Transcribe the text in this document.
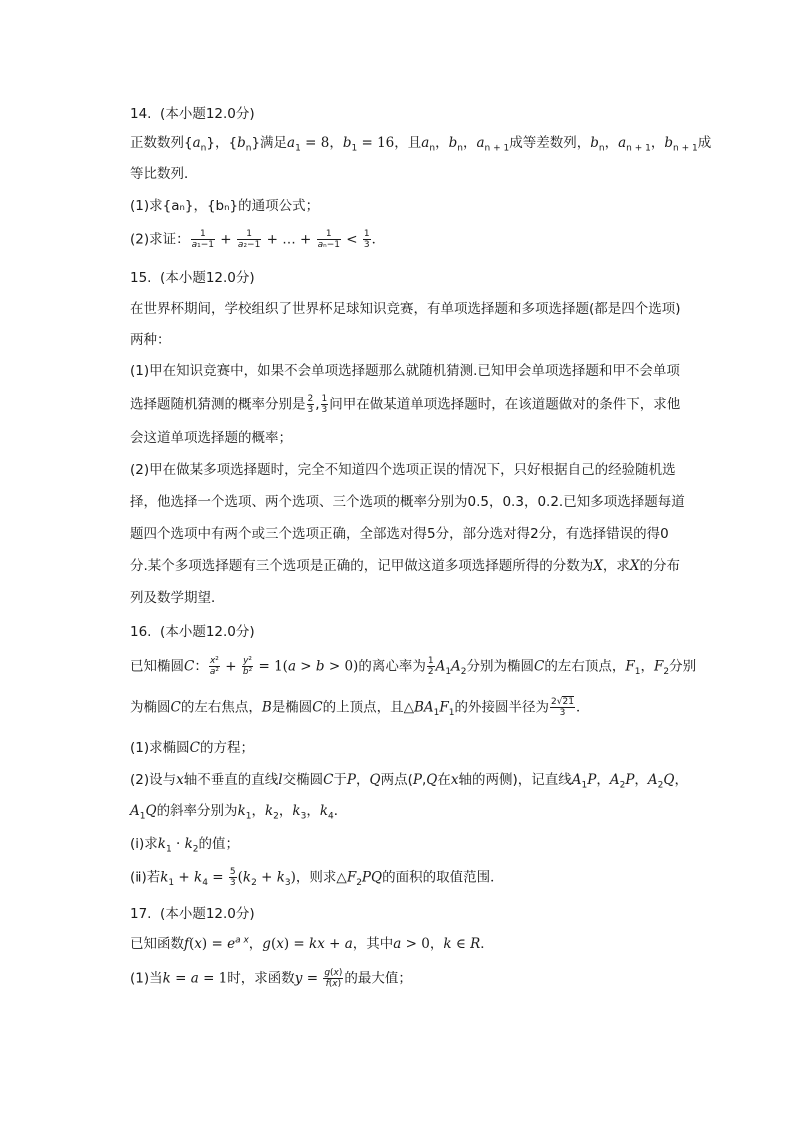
14.  (本小题12.0分)
正数数列$\{a_n\}$，$\{b_n\}$满足$a_1 = 8$，$b_1 = 16$，且$a_n$，$b_n$，$a_{n + 1}$成等差数列，$b_n$，$a_{n + 1}$，$b_{n + 1}$成
等比数列．
(1)求{aₙ}，{bₙ}的通项公式；
(2)求证： $\frac{1}{\text{a₁−1}} + \frac{1}{\text{a₂−1}}$ + … + $\frac{1}{\text{aₙ−1}} < \frac{1}{3}$ ．
15.  (本小题12.0分)
在世界杯期间，学校组织了世界杯足球知识竞赛，有单项选择题和多项选择题(都是四个选项)
两种：
(1)甲在知识竞赛中，如果不会单项选择题那么就随机猜测.已知甲会单项选择题和甲不会单项
选择题随机猜测的概率分别是 $\frac{2}{3}$ , $\frac{1}{3}$ 问甲在做某道单项选择题时，在该道题做对的条件下，求他
会这道单项选择题的概率；
(2)甲在做某多项选择题时，完全不知道四个选项正误的情况下，只好根据自己的经验随机选
择，他选择一个选项、两个选项、三个选项的概率分别为0.5，0.3，0.2.已知多项选择题每道
题四个选项中有两个或三个选项正确，全部选对得5分，部分选对得2分，有选择错误的得0
分.某个多项选择题有三个选项是正确的，记甲做这道多项选择题所得的分数为X，求X的分布
列及数学期望．
16.  (本小题12.0分)
已知椭圆C： $\frac{\text{x²}}{\text{a²}} + \frac{\text{y²}}{\text{b²}} = 1(a > b > 0)$的离心率为 $\frac{1}{2} A_1A_2$分别为椭圆C的左右顶点，$F_1$，$F_2$分别
为椭圆C的左右焦点，B是椭圆C的上顶点，且$\triangle BA_1F_1$的外接圆半径为 $\frac{2√21}{3}$ ．
(1)求椭圆C的方程；
(2)设与x轴不垂直的直线l交椭圆C于P，Q两点(P,Q在x轴的两侧)，记直线$A_1P$，$A_2P$，$A_2Q$，
$A_1Q$的斜率分别为$k_1$，$k_2$，$k_3$，$k_4$．
(ⅰ)求$k_1 \cdot k_2$的值；
(ⅱ)若$k_1 + k_4 = \frac{5}{3} (k_2 + k_3)$，则求$\triangle F_2PQ$的面积的取值范围．
17.  (本小题12.0分)
已知函数$f(x) = e^{a x}$，g(x) = kx + a，其中a > 0，k ∈ R．
(1)当k = a = 1时，求函数$y = \frac{g(x)}{f(x)}$ 的最大值；
